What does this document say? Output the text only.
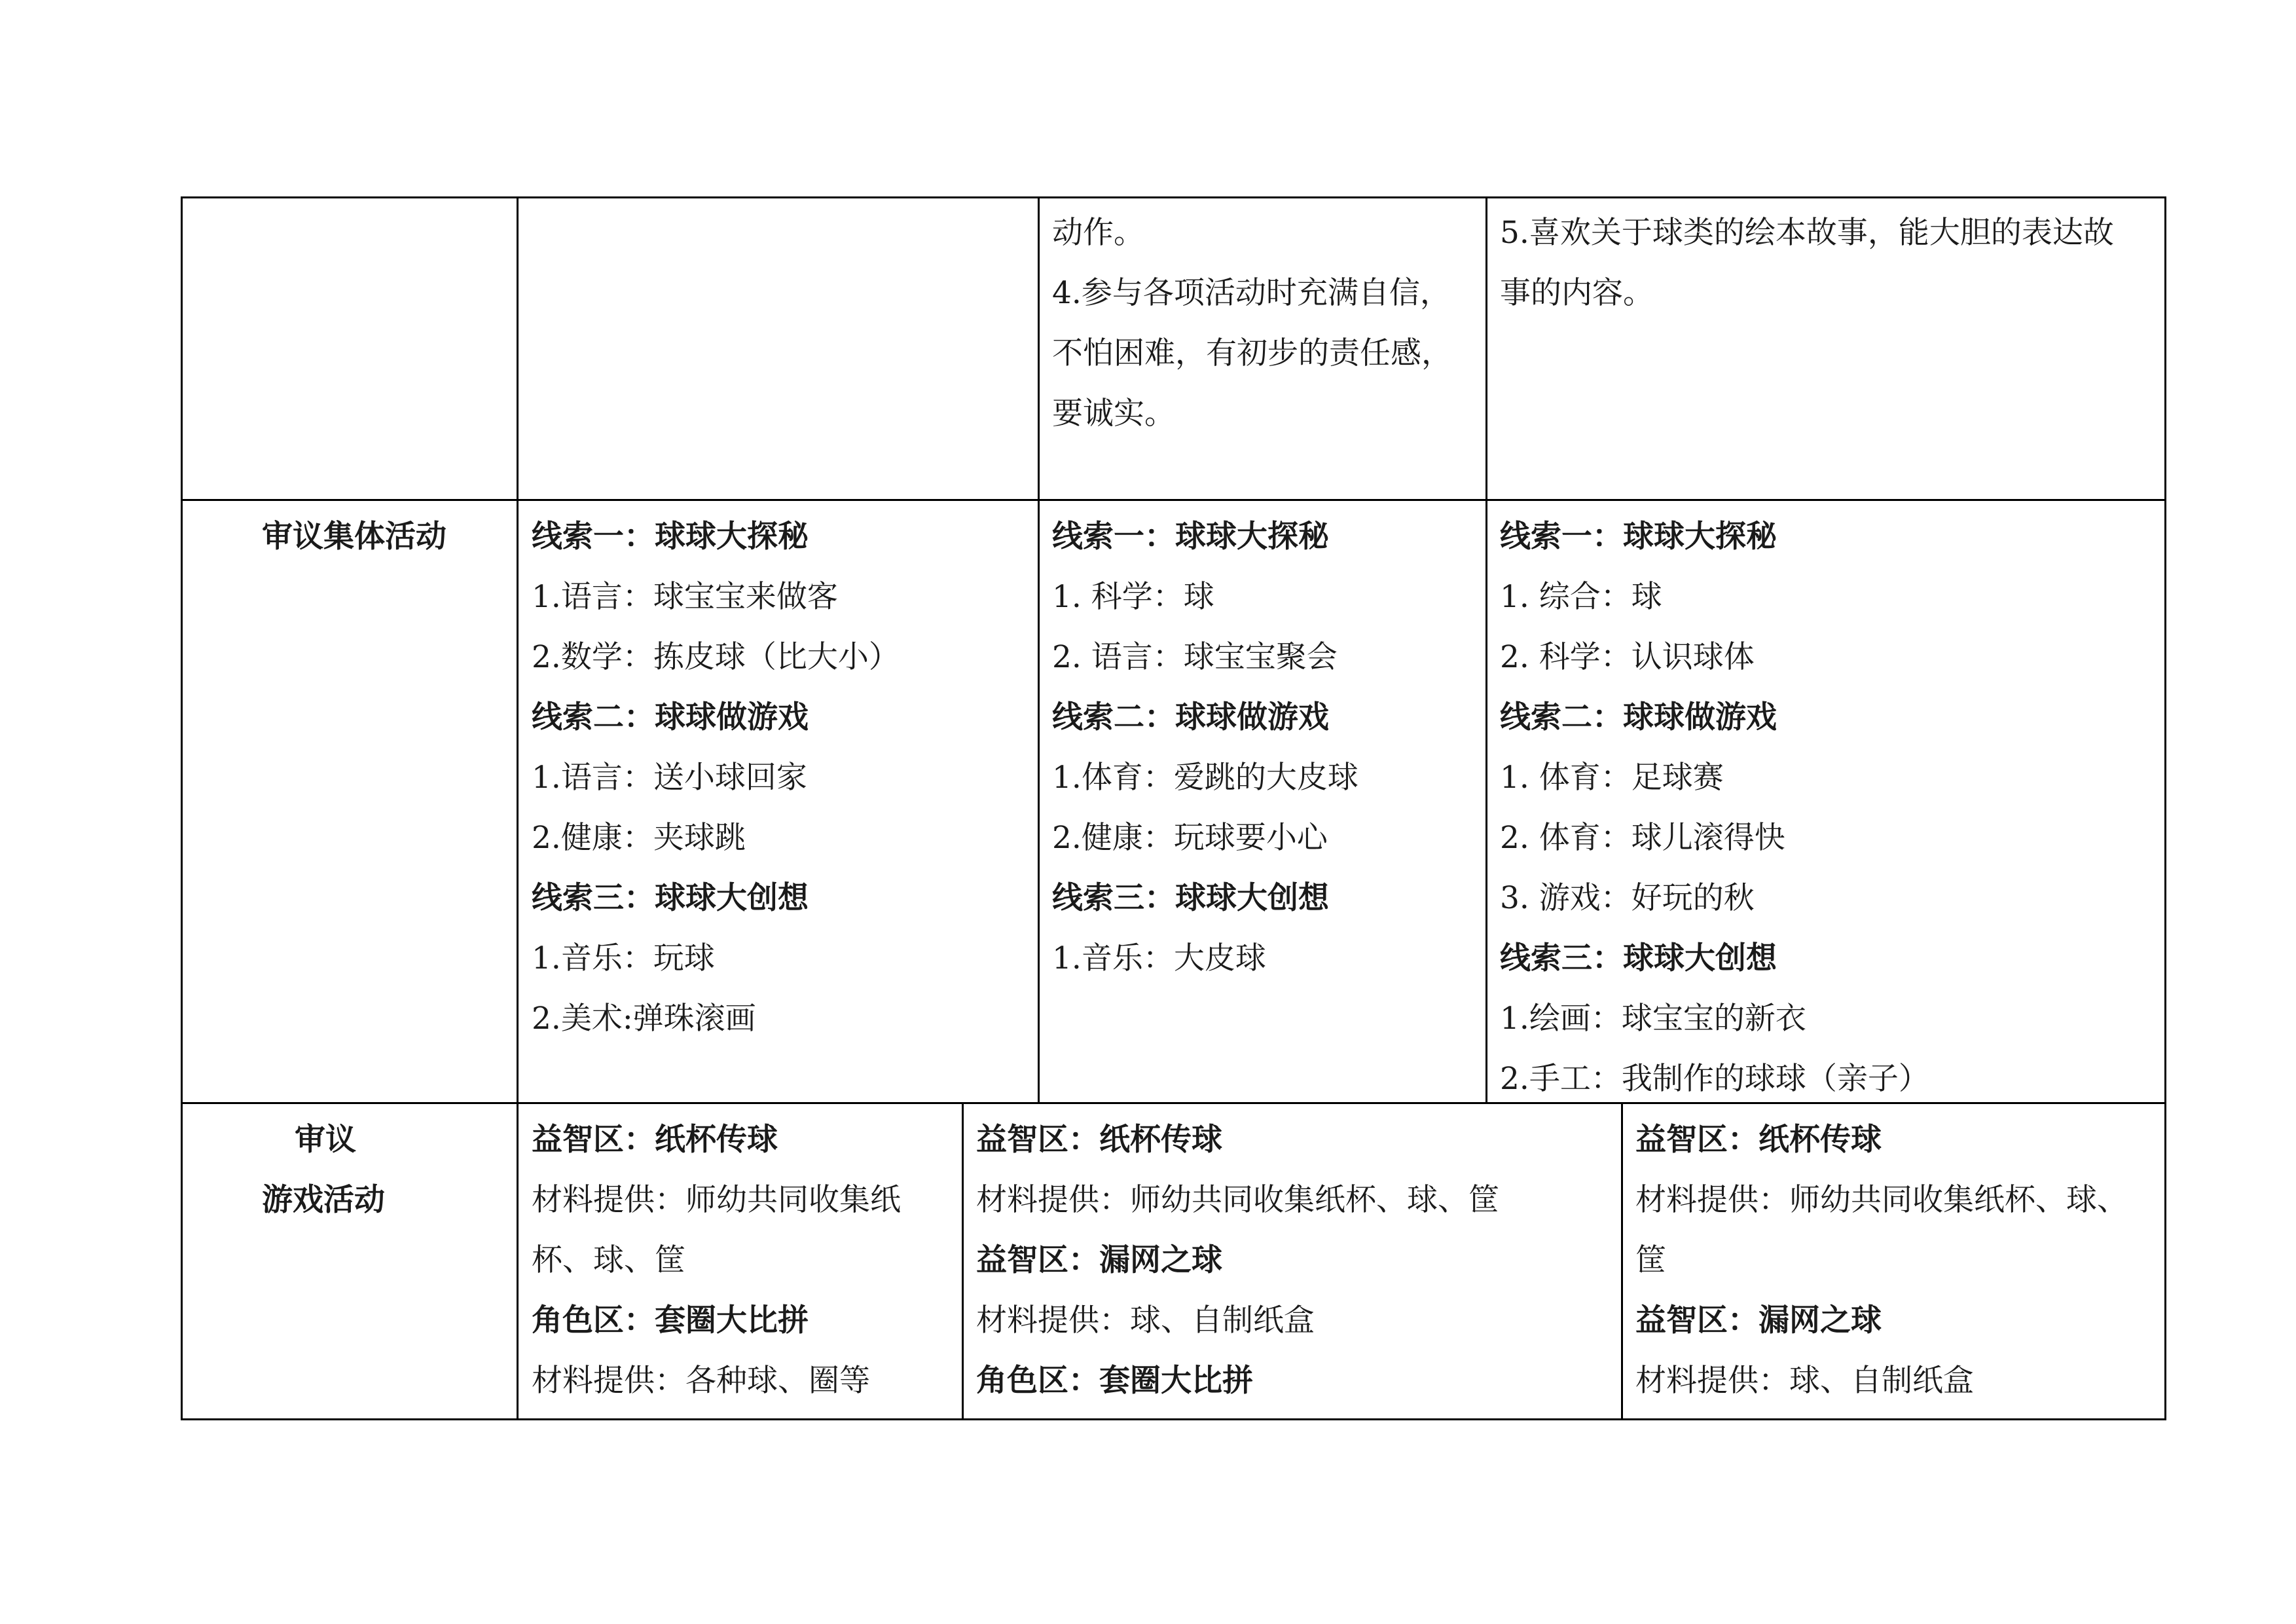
动作。
4.参与各项活动时充满自信，
不怕困难，有初步的责任感，
要诚实。
5.喜欢关于球类的绘本故事，能大胆的表达故
事的内容。
审议集体活动	线索一：球球大探秘
1.语言：球宝宝来做客
2.数学：拣皮球（比大小）
线索二：球球做游戏
1.语言：送小球回家
2.健康：夹球跳
线索三：球球大创想
1.音乐：玩球
2.美术:弹珠滚画
线索一：球球大探秘
1. 科学：球
2. 语言：球宝宝聚会
线索二：球球做游戏
1.体育：爱跳的大皮球
2.健康：玩球要小心
线索三：球球大创想
1.音乐：大皮球
线索一：球球大探秘
1. 综合：球
2. 科学：认识球体
线索二：球球做游戏
1. 体育：足球赛
2. 体育：球儿滚得快
3. 游戏：好玩的秋
线索三：球球大创想
1.绘画：球宝宝的新衣
2.手工：我制作的球球（亲子）
审议
游戏活动
益智区：纸杯传球
材料提供：师幼共同收集纸
杯、球、筐
角色区：套圈大比拼
材料提供：各种球、圈等
益智区：纸杯传球
材料提供：师幼共同收集纸杯、球、筐
益智区：漏网之球
材料提供：球、自制纸盒
角色区：套圈大比拼
益智区：纸杯传球
材料提供：师幼共同收集纸杯、球、
筐
益智区：漏网之球
材料提供：球、自制纸盒
